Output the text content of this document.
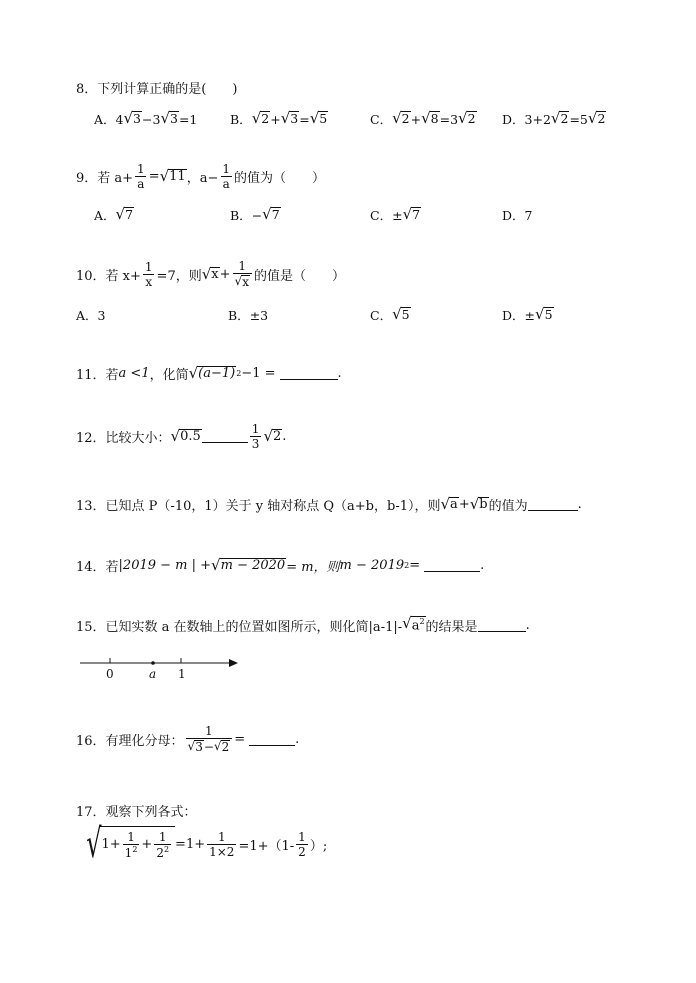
8．下列计算正确的是(　　)
A． 4 √ 3 −3 √ 3 =1	B． √ 2 + √ 3 = √ 5	C． √ 2 + √ 8 =3 √ 2 D． 3+2 √ 2 =5 √ 2
9．若 $a+ \frac{1}{a}$ = √ 11 ，$a- \frac{1}{a}$ 的值为（　　）
A． √ 7	B． − √ 7	C． ± √ 7	D． 7
10．若 $x+ \frac{1}{x} =7$，则 √ $x + \frac{1}{√ x}$ 的值是（　　）
A． 3	B． ±3	C． √ 5	D． ± √ 5
11．若 a <1 ，化简 √ (a−1) 2 −1 =	.
12．比较大小： √ 0.5	$\frac{1}{3}$ √ 2 .
13．已知点 P（-10，1）关于 y 轴对称点 Q（a+b，b-1），则 √ a + √ b 的值为	.
14．若 |2019 − m | + √ m − 2020 = m，则 m − 2019 2 =	.
15．已知实数 a 在数轴上的位置如图所示，则化简|a-1|- √ $a^2$ 的结果是	.
0	a 1
16．有理化分母： $\frac{1}{√ 3 - √ 2}$ =	.
17．观察下列各式：
√ $1+ \frac{1}{1^2} + \frac{1}{2^2} =1+ \frac{1}{1\times 2} =1+(1- \frac{1}{2}$ ）;
